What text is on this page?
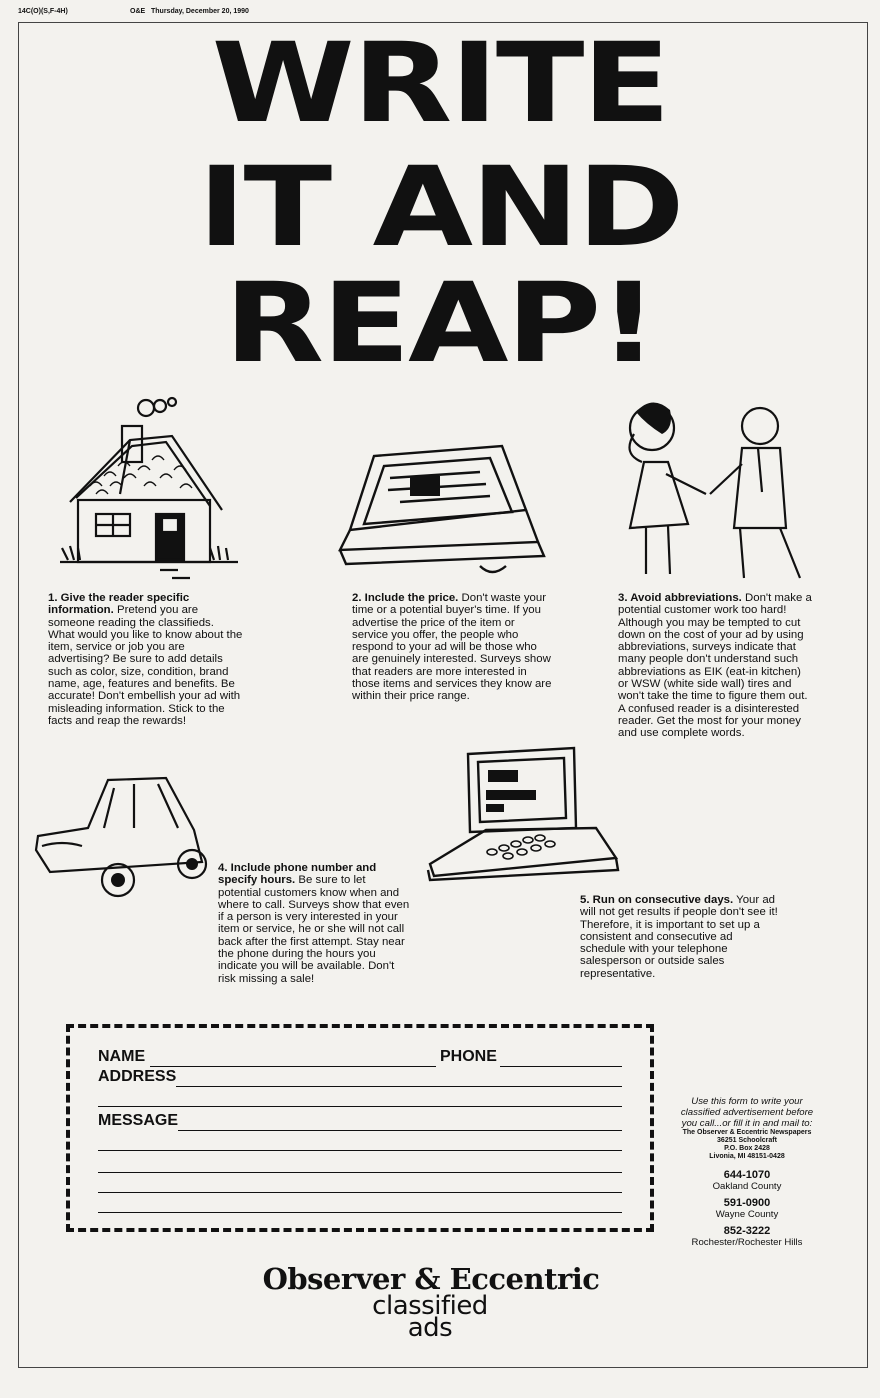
14C(O)(S,F-4H)	O&E   Thursday, December 20, 1990
WRITE
IT AND
REAP!
1. Give the reader specific information. Pretend you are someone reading the classifieds. What would you like to know about the item, service or job you are advertising? Be sure to add details such as color, size, condition, brand name, age, features and benefits. Be accurate! Don't embellish your ad with misleading information. Stick to the facts and reap the rewards!
2. Include the price. Don't waste your time or a potential buyer's time. If you advertise the price of the item or service you offer, the people who respond to your ad will be those who are genuinely interested. Surveys show that readers are more interested in those items and services they know are within their price range.
3. Avoid abbreviations. Don't make a potential customer work too hard! Although you may be tempted to cut down on the cost of your ad by using abbreviations, surveys indicate that many people don't understand such abbreviations as EIK (eat-in kitchen) or WSW (white side wall) tires and won't take the time to figure them out. A confused reader is a disinterested reader. Get the most for your money and use complete words.
4. Include phone number and specify hours. Be sure to let potential customers know when and where to call. Surveys show that even if a person is very interested in your item or service, he or she will not call back after the first attempt. Stay near the phone during the hours you indicate you will be available. Don't risk missing a sale!
5. Run on consecutive days. Your ad will not get results if people don't see it! Therefore, it is important to set up a consistent and consecutive ad schedule with your telephone salesperson or outside sales representative.
NAME	PHONE
ADDRESS
MESSAGE
Use this form to write your classified advertisement before you call...or fill it in and mail to:
The Observer & Eccentric Newspapers
36251 Schoolcraft
P.O. Box 2428
Livonia, MI 48151-0428
644-1070
Oakland County
591-0900
Wayne County
852-3222
Rochester/Rochester Hills
Observer & Eccentric
classified
ads
